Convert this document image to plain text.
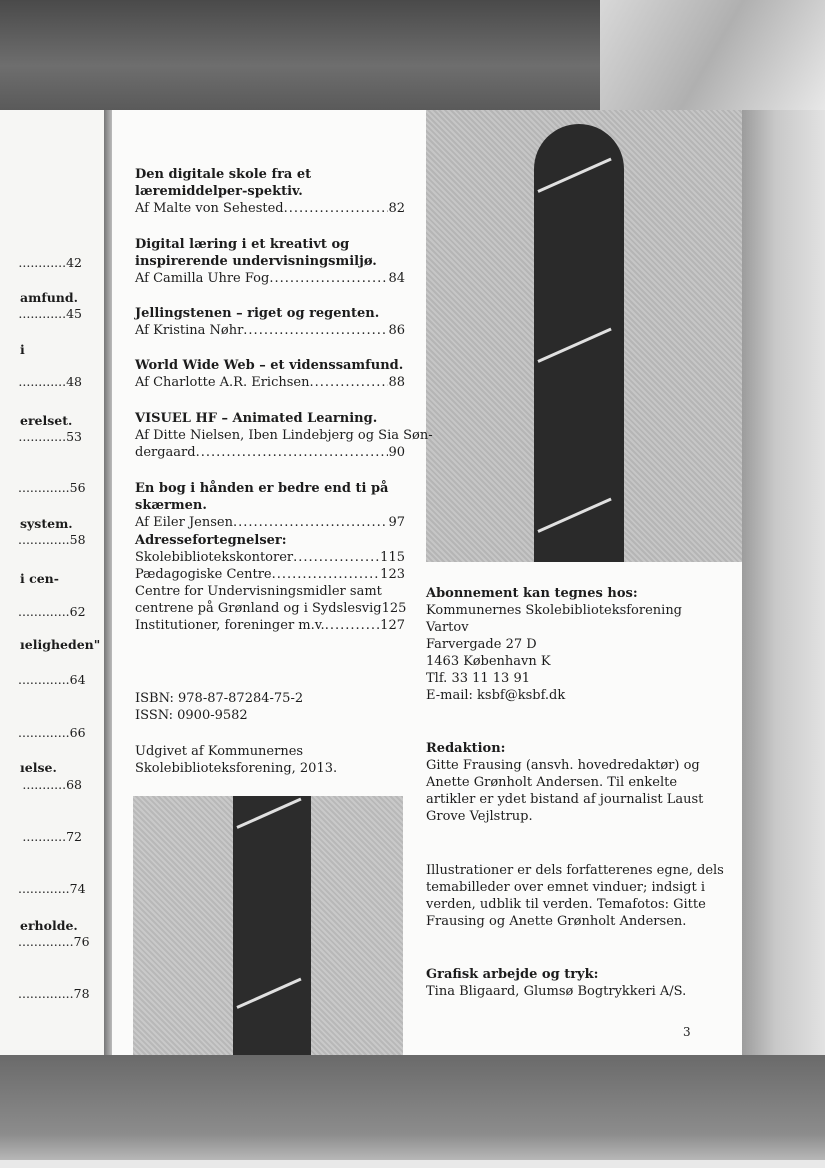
............42
amfund.
............45
i
............48
erelset.
............53
.............56
system.
.............58
i cen-
.............62
ıeligheden"
.............64
.............66
ıelse.
...........68
...........72
.............74
erholde.
..............76
..............78
Den digitale skole fra et læremiddelper-spektiv.
Af Malte von Sehested .....	82
Digital læring i et kreativt og inspirerende undervisningsmiljø.
Af Camilla Uhre Fog .....	84
Jellingstenen – riget og regenten.
Af Kristina Nøhr .....	86
World Wide Web – et videnssamfund.
Af Charlotte A.R. Erichsen .....	88
VISUEL HF – Animated Learning.
Af Ditte Nielsen, Iben Lindebjerg og Sia Søn-
dergaard .....	90
En bog i hånden er bedre end ti på skærmen.
Af Eiler Jensen .....	97
Adressefortegnelser:
Skolebibliotekskontorer .....	115
Pædagogiske Centre .....	123
Centre for Undervisningsmidler samt
centrene på Grønland og i Sydslesvig 125
Institutioner, foreninger m.v. .....	127
ISBN: 978-87-87284-75-2
ISSN: 0900-9582
Udgivet af Kommunernes
Skolebiblioteksforening, 2013.
Abonnement kan tegnes hos:
Kommunernes Skolebiblioteksforening
Vartov
Farvergade 27 D
1463 København K
Tlf. 33 11 13 91
E-mail: ksbf@ksbf.dk
Redaktion:
Gitte Frausing (ansvh. hovedredaktør) og
Anette Grønholt Andersen. Til enkelte
artikler er ydet bistand af journalist Laust
Grove Vejlstrup.
Illustrationer er dels forfatterenes egne, dels
temabilleder over emnet vinduer; indsigt i
verden, udblik til verden. Temafotos: Gitte
Frausing og Anette Grønholt Andersen.
Grafisk arbejde og tryk:
Tina Bligaard, Glumsø Bogtrykkeri A/S.
3
